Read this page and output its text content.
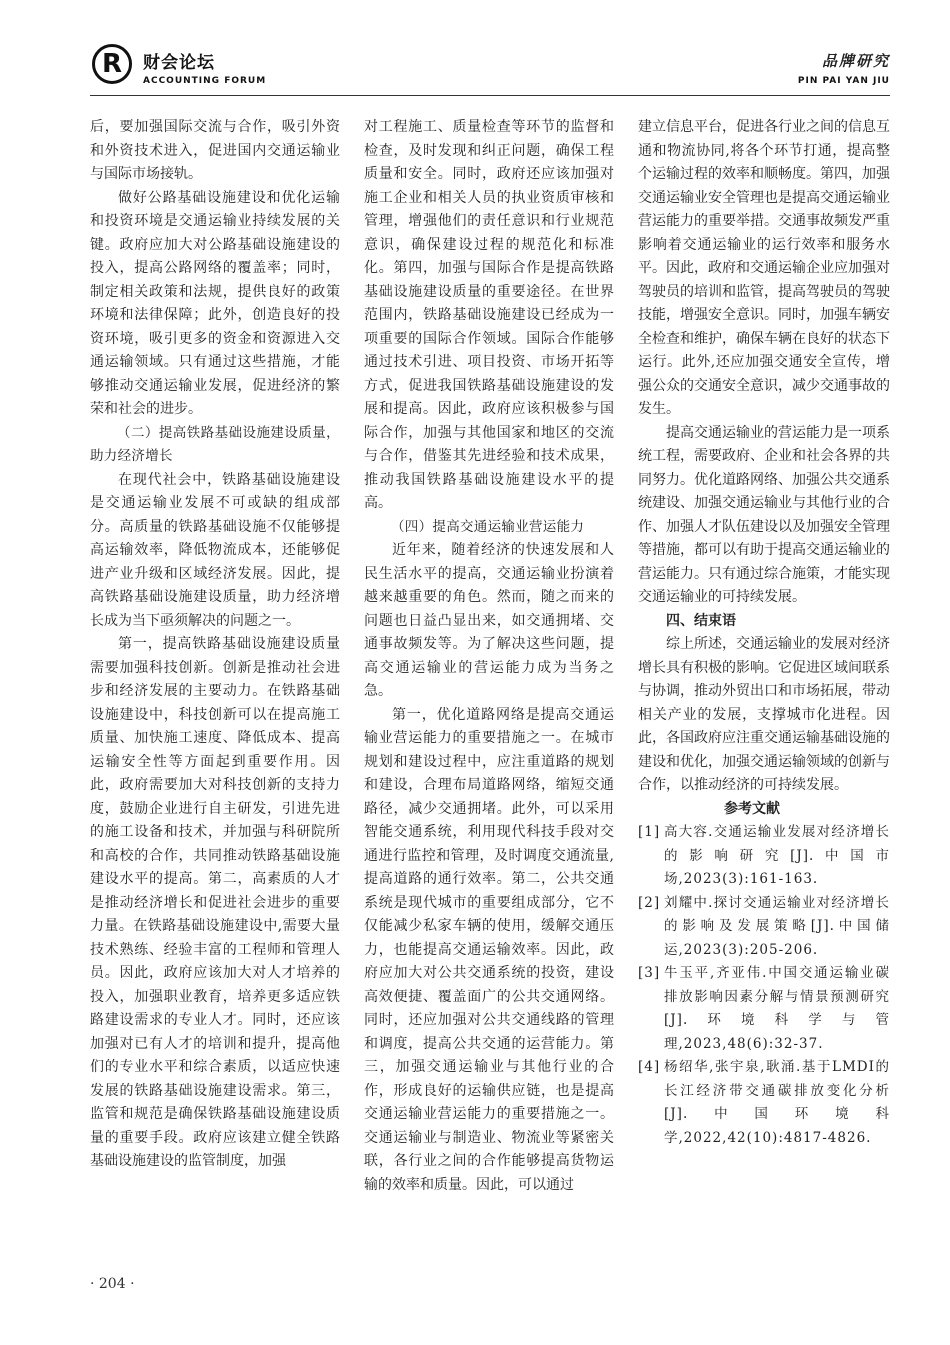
R	财会论坛
ACCOUNTING FORUM
品牌研究
PIN PAI YAN JIU

后，要加强国际交流与合作，吸引外资和外资技术进入，促进国内交通运输业与国际市场接轨。

做好公路基础设施建设和优化运输和投资环境是交通运输业持续发展的关键。政府应加大对公路基础设施建设的投入，提高公路网络的覆盖率；同时，制定相关政策和法规，提供良好的政策环境和法律保障；此外，创造良好的投资环境，吸引更多的资金和资源进入交通运输领域。只有通过这些措施，才能够推动交通运输业发展，促进经济的繁荣和社会的进步。

（二）提高铁路基础设施建设质量，助力经济增长

在现代社会中，铁路基础设施建设是交通运输业发展不可或缺的组成部分。高质量的铁路基础设施不仅能够提高运输效率，降低物流成本，还能够促进产业升级和区域经济发展。因此，提高铁路基础设施建设质量，助力经济增长成为当下亟须解决的问题之一。

第一，提高铁路基础设施建设质量需要加强科技创新。创新是推动社会进步和经济发展的主要动力。在铁路基础设施建设中，科技创新可以在提高施工质量、加快施工速度、降低成本、提高运输安全性等方面起到重要作用。因此，政府需要加大对科技创新的支持力度，鼓励企业进行自主研发，引进先进的施工设备和技术，并加强与科研院所和高校的合作，共同推动铁路基础设施建设水平的提高。第二，高素质的人才是推动经济增长和促进社会进步的重要力量。在铁路基础设施建设中,需要大量技术熟练、经验丰富的工程师和管理人员。因此，政府应该加大对人才培养的投入，加强职业教育，培养更多适应铁路建设需求的专业人才。同时，还应该加强对已有人才的培训和提升，提高他们的专业水平和综合素质，以适应快速发展的铁路基础设施建设需求。第三，监管和规范是确保铁路基础设施建设质量的重要手段。政府应该建立健全铁路基础设施建设的监管制度，加强

对工程施工、质量检查等环节的监督和检查，及时发现和纠正问题，确保工程质量和安全。同时，政府还应该加强对施工企业和相关人员的执业资质审核和管理，增强他们的责任意识和行业规范意识，确保建设过程的规范化和标准化。第四，加强与国际合作是提高铁路基础设施建设质量的重要途径。在世界范围内，铁路基础设施建设已经成为一项重要的国际合作领域。国际合作能够通过技术引进、项目投资、市场开拓等方式，促进我国铁路基础设施建设的发展和提高。因此，政府应该积极参与国际合作，加强与其他国家和地区的交流与合作，借鉴其先进经验和技术成果，推动我国铁路基础设施建设水平的提高。

（四）提高交通运输业营运能力

近年来，随着经济的快速发展和人民生活水平的提高，交通运输业扮演着越来越重要的角色。然而，随之而来的问题也日益凸显出来，如交通拥堵、交通事故频发等。为了解决这些问题，提高交通运输业的营运能力成为当务之急。

第一，优化道路网络是提高交通运输业营运能力的重要措施之一。在城市规划和建设过程中，应注重道路的规划和建设，合理布局道路网络，缩短交通路径，减少交通拥堵。此外，可以采用智能交通系统，利用现代科技手段对交通进行监控和管理，及时调度交通流量,提高道路的通行效率。第二，公共交通系统是现代城市的重要组成部分，它不仅能减少私家车辆的使用，缓解交通压力，也能提高交通运输效率。因此，政府应加大对公共交通系统的投资，建设高效便捷、覆盖面广的公共交通网络。同时，还应加强对公共交通线路的管理和调度，提高公共交通的运营能力。第三，加强交通运输业与其他行业的合作，形成良好的运输供应链，也是提高交通运输业营运能力的重要措施之一。交通运输业与制造业、物流业等紧密关联，各行业之间的合作能够提高货物运输的效率和质量。因此，可以通过

建立信息平台，促进各行业之间的信息互通和物流协同,将各个环节打通，提高整个运输过程的效率和顺畅度。第四，加强交通运输业安全管理也是提高交通运输业营运能力的重要举措。交通事故频发严重影响着交通运输业的运行效率和服务水平。因此，政府和交通运输企业应加强对驾驶员的培训和监管，提高驾驶员的驾驶技能，增强安全意识。同时，加强车辆安全检查和维护，确保车辆在良好的状态下运行。此外,还应加强交通安全宣传，增强公众的交通安全意识，减少交通事故的发生。

提高交通运输业的营运能力是一项系统工程，需要政府、企业和社会各界的共同努力。优化道路网络、加强公共交通系统建设、加强交通运输业与其他行业的合作、加强人才队伍建设以及加强安全管理等措施，都可以有助于提高交通运输业的营运能力。只有通过综合施策，才能实现交通运输业的可持续发展。

四、结束语

综上所述，交通运输业的发展对经济增长具有积极的影响。它促进区域间联系与协调，推动外贸出口和市场拓展，带动相关产业的发展，支撑城市化进程。因此，各国政府应注重交通运输基础设施的建设和优化，加强交通运输领域的创新与合作，以推动经济的可持续发展。

参考文献

[1] 高大容.交通运输业发展对经济增长的影响研究[J].中国市场,2023(3):161-163.
[2] 刘耀中.探讨交通运输业对经济增长的影响及发展策略[J].中国储运,2023(3):205-206.
[3] 牛玉平,齐亚伟.中国交通运输业碳排放影响因素分解与情景预测研究[J].环境科学与管理,2023,48(6):32-37.
[4] 杨绍华,张宇泉,耿涌.基于LMDI的长江经济带交通碳排放变化分析[J].中国环境科学,2022,42(10):4817-4826.
· 204 ·
